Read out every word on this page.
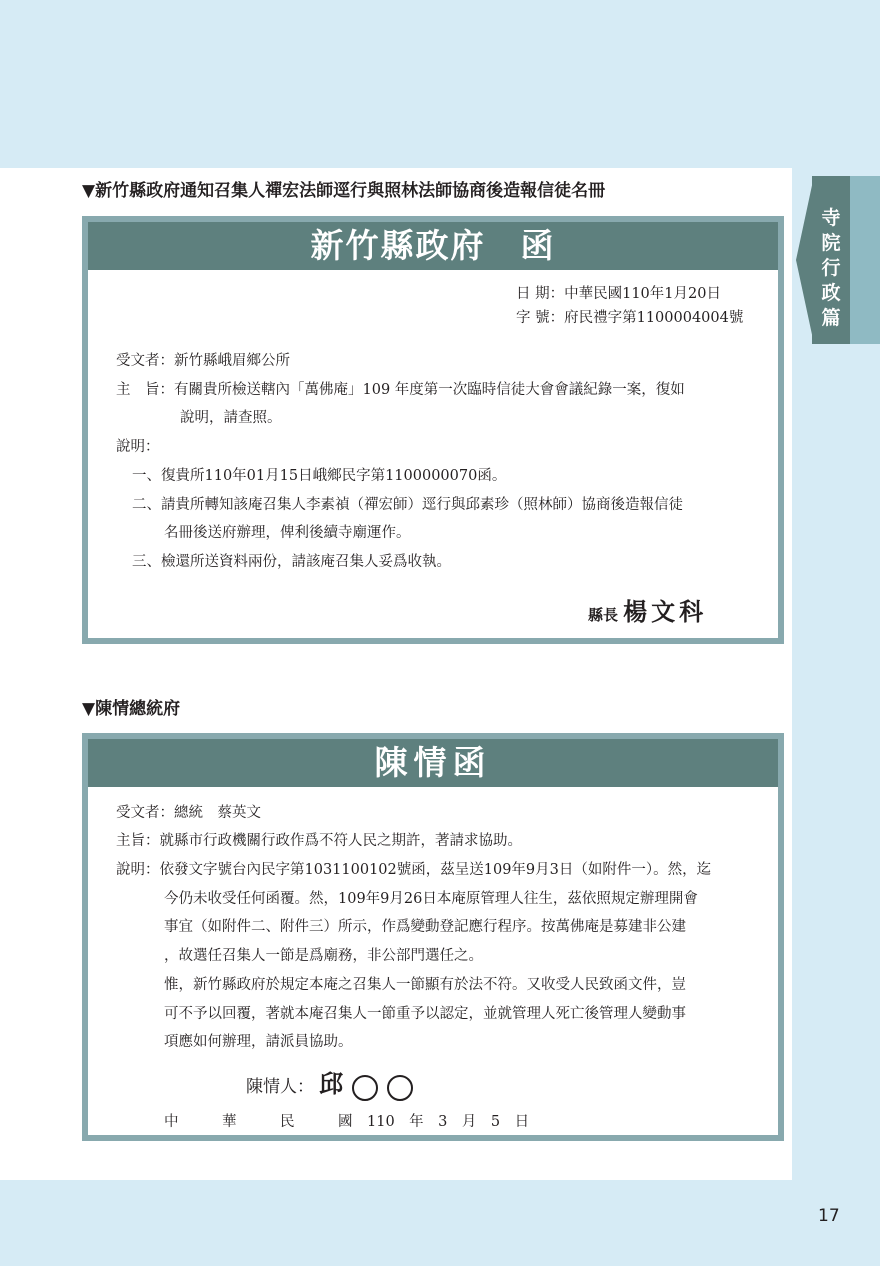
寺
院
行
政
篇
▼新竹縣政府通知召集人禪宏法師逕行與照林法師協商後造報信徒名冊
新竹縣政府　函
日 期：中華民國110年1月20日
字 號：府民禮字第1100004004號
受文者：新竹縣峨眉鄉公所
主　旨：有關貴所檢送轄內「萬佛庵」109 年度第一次臨時信徒大會會議紀錄一案，復如
說明，請查照。
說明：
一、復貴所110年01月15日峨鄉民字第1100000070函。
二、請貴所轉知該庵召集人李素禎（禪宏師）逕行與邱素珍（照林師）協商後造報信徒
名冊後送府辦理，俾利後續寺廟運作。
三、檢還所送資料兩份，請該庵召集人妥爲收執。
縣長 楊文科
▼陳情總統府
陳情函
受文者：總統　蔡英文
主旨：就縣市行政機關行政作爲不符人民之期許，著請求協助。
說明：依發文字號台內民字第1031100102號函，茲呈送109年9月3日（如附件一）。然，迄
今仍未收受任何函覆。然，109年9月26日本庵原管理人往生，茲依照規定辦理開會
事宜（如附件二、附件三）所示，作爲變動登記應行程序。按萬佛庵是募建非公建
，故選任召集人一節是爲廟務，非公部門選任之。
惟，新竹縣政府於規定本庵之召集人一節顯有於法不符。又收受人民致函文件，豈
可不予以回覆，著就本庵召集人一節重予以認定，並就管理人死亡後管理人變動事
項應如何辦理，請派員協助。
陳情人： 邱
中　　　華　　　民　　　國　110　年　3　月　5　日
17
